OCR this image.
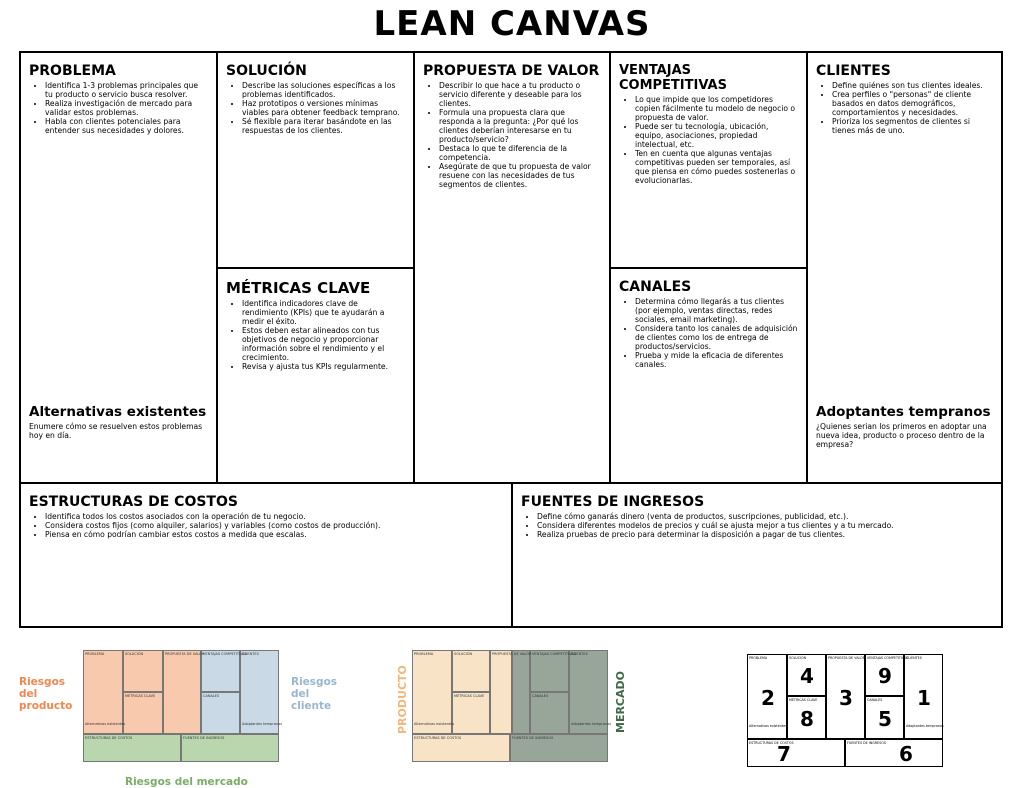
LEAN CANVAS
PROBLEMA
• Identifica 1-3 problemas principales que tu producto o servicio busca resolver.
• Realiza investigación de mercado para validar estos problemas.
• Habla con clientes potenciales para entender sus necesidades y dolores.
Alternativas existentes

Enumere cómo se resuelven estos problemas hoy en día.

SOLUCIÓN
• Describe las soluciones específicas a los problemas identificados.
• Haz prototipos o versiones mínimas viables para obtener feedback temprano.
• Sé flexible para iterar basándote en las respuestas de los clientes.
MÉTRICAS CLAVE
• Identifica indicadores clave de rendimiento (KPIs) que te ayudarán a medir el éxito.
• Estos deben estar alineados con tus objetivos de negocio y proporcionar información sobre el rendimiento y el crecimiento.
• Revisa y ajusta tus KPIs regularmente.
PROPUESTA DE VALOR
• Describir lo que hace a tu producto o servicio diferente y deseable para los clientes.
• Formula una propuesta clara que responda a la pregunta: ¿Por qué los clientes deberían interesarse en tu producto/servicio?
• Destaca lo que te diferencia de la competencia.
• Asegúrate de que tu propuesta de valor resuene con las necesidades de tus segmentos de clientes.
VENTAJAS COMPETITIVAS
• Lo que impide que los competidores copien fácilmente tu modelo de negocio o propuesta de valor.
• Puede ser tu tecnología, ubicación, equipo, asociaciones, propiedad intelectual, etc.
• Ten en cuenta que algunas ventajas competitivas pueden ser temporales, así que piensa en cómo puedes sostenerlas o evolucionarlas.
CANALES
• Determina cómo llegarás a tus clientes (por ejemplo, ventas directas, redes sociales, email marketing).
• Considera tanto los canales de adquisición de clientes como los de entrega de productos/servicios.
• Prueba y mide la eficacia de diferentes canales.
CLIENTES
• Define quiénes son tus clientes ideales.
• Crea perfiles o "personas" de cliente basados en datos demográficos, comportamientos y necesidades.
• Prioriza los segmentos de clientes si tienes más de uno.
Adoptantes tempranos

¿Quienes serian los primeros en adoptar una nueva idea, producto o proceso dentro de la empresa?

ESTRUCTURAS DE COSTOS
• Identifica todos los costos asociados con la operación de tu negocio.
• Considera costos fijos (como alquiler, salarios) y variables (como costos de producción).
• Piensa en cómo podrían cambiar estos costos a medida que escalas.
FUENTES DE INGRESOS
• Define cómo ganarás dinero (venta de productos, suscripciones, publicidad, etc.).
• Considera diferentes modelos de precios y cuál se ajusta mejor a tus clientes y a tu mercado.
• Realiza pruebas de precio para determinar la disposición a pagar de tus clientes.
Riesgos del producto
Riesgos del cliente
Riesgos del mercado
PROBLEMA	SOLUCIÓN	PROPUESTA DE VALOR
VENTAJAS COMPETITIVAS
CLIENTES
MÉTRICAS CLAVE	CANALES
Alternativas existentes	Adoptantes tempranos
ESTRUCTURAS DE COSTOS	FUENTES DE INGRESOS
PRODUCTO	MERCADO
PROBLEMA	SOLUCIÓN	PROPUESTA DE VALOR VENTAJAS COMPETITIVAS
CLIENTES
MÉTRICAS CLAVE	CANALES
Alternativas existentes	Adoptantes tempranos
ESTRUCTURAS DE COSTOS	FUENTES DE INGRESOS
PROBLEMA	SOLUCIÓN	PROPUESTA DE VALOR VENTAJAS COMPETITIVAS
CLIENTES
MÉTRICAS CLAVE	CANALES
Alternativas existentes	Adoptantes tempranos
ESTRUCTURAS DE COSTOS	FUENTES DE INGRESOS
2
4
8
3
9
5
1
7	6
